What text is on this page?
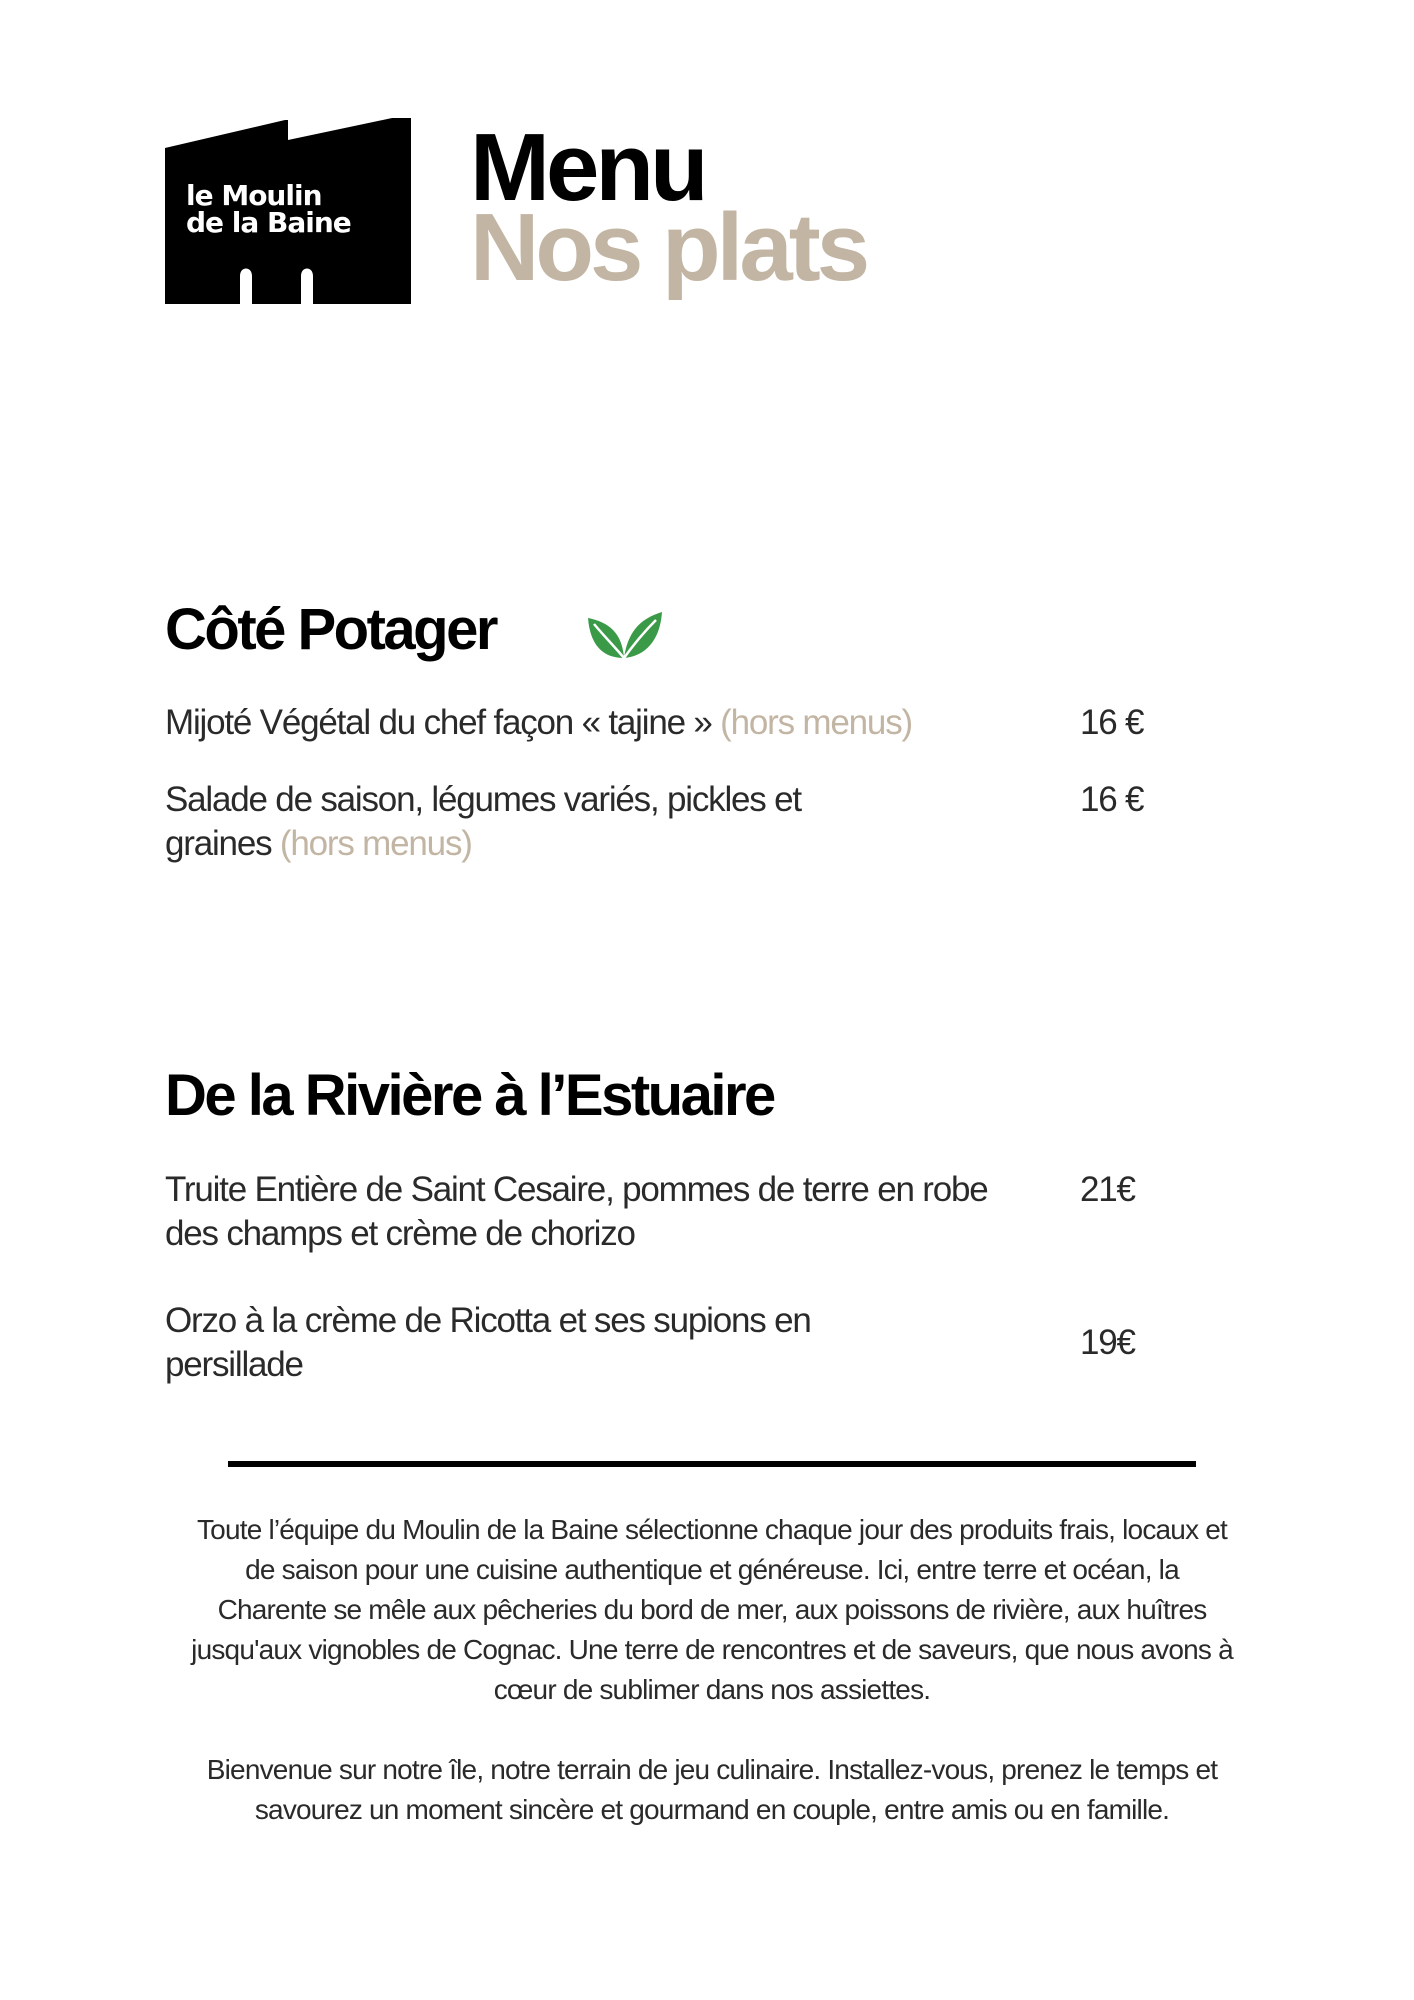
le Moulin
de la Baine
Menu
Nos plats
Côté Potager
Mijoté Végétal du chef façon « tajine » (hors menus)	16 €
Salade de saison, légumes variés, pickles et graines (hors menus)
16 €
De la Rivière à l’Estuaire
Truite Entière de Saint Cesaire, pommes de terre en robe des champs et crème de chorizo
21€
Orzo à la crème de Ricotta et ses supions en persillade
19€

Toute l’équipe du Moulin de la Baine sélectionne chaque jour des produits frais, locaux et de saison pour une cuisine authentique et généreuse. Ici, entre terre et océan, la Charente se mêle aux pêcheries du bord de mer, aux poissons de rivière, aux huîtres jusqu'aux vignobles de Cognac. Une terre de rencontres et de saveurs, que nous avons à cœur de sublimer dans nos assiettes.

Bienvenue sur notre île, notre terrain de jeu culinaire. Installez-vous, prenez le temps et savourez un moment sincère et gourmand en couple, entre amis ou en famille.
